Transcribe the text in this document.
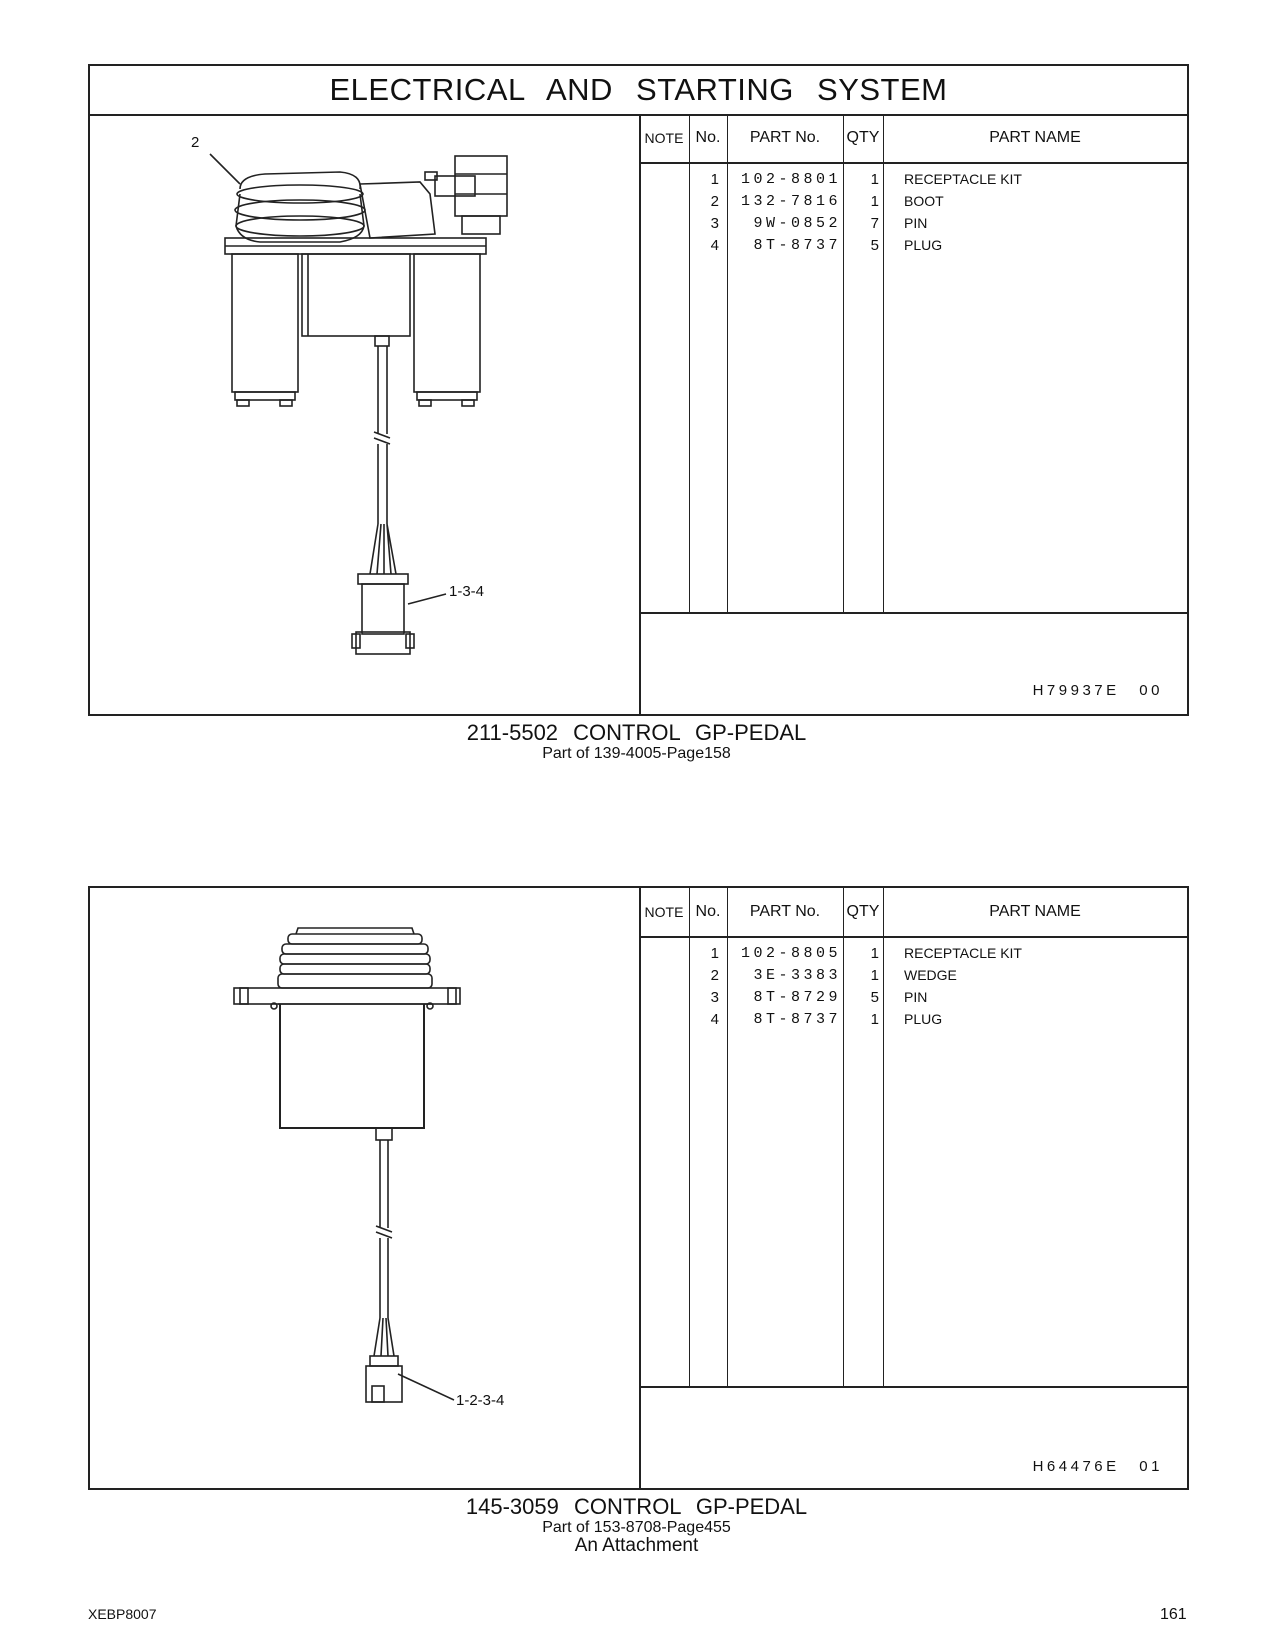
ELECTRICAL AND STARTING SYSTEM
2
1-3-4
NOTE No.	PART No.	QTY	PART NAME
1	102-8801	1 RECEPTACLE KIT
2	132-7816	1 BOOT
3	9W-0852	7 PIN
4	8T-8737	5 PLUG
H79937E 00
211-5502 CONTROL GP-PEDAL
Part of 139-4005-Page158
1-2-3-4
NOTE No.	PART No.	QTY	PART NAME
1	102-8805	1 RECEPTACLE KIT
2	3E-3383	1 WEDGE
3	8T-8729	5 PIN
4	8T-8737	1 PLUG
H64476E 01
145-3059 CONTROL GP-PEDAL
Part of 153-8708-Page455
An Attachment
XEBP8007	161
